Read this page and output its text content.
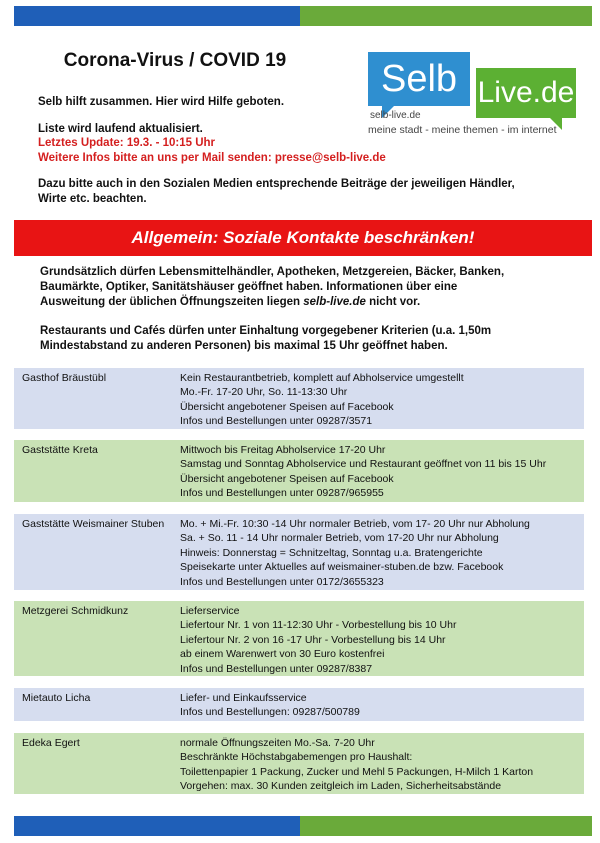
Corona-Virus / COVID 19	Selb Live.de
selb-live.de
meine stadt - meine themen - im internet

Selb hilft zusammen. Hier wird Hilfe geboten.

Liste wird laufend aktualisiert.

Letztes Update: 19.3. - 10:15 Uhr

Weitere Infos bitte an uns per Mail senden: presse@selb-live.de

Dazu bitte auch in den Sozialen Medien entsprechende Beiträge der jeweiligen Händler,

Wirte etc. beachten.

Allgemein: Soziale Kontakte beschränken!

Grundsätzlich dürfen Lebensmittelhändler, Apotheken, Metzgereien, Bäcker, Banken,

Baumärkte, Optiker, Sanitätshäuser geöffnet haben. Informationen über eine

Ausweitung der üblichen Öffnungszeiten liegen selb-live.de nicht vor.

Restaurants und Cafés dürfen unter Einhaltung vorgegebener Kriterien (u.a. 1,50m

Mindestabstand zu anderen Personen) bis maximal 15 Uhr geöffnet haben.

Gasthof Bräustübl	Kein Restaurantbetrieb, komplett auf Abholservice umgestellt
Mo.-Fr. 17-20 Uhr, So. 11-13:30 Uhr
Übersicht angebotener Speisen auf Facebook
Infos und Bestellungen unter 09287/3571
Gaststätte Kreta	Mittwoch bis Freitag Abholservice 17-20 Uhr
Samstag und Sonntag Abholservice und Restaurant geöffnet von 11 bis 15 Uhr
Übersicht angebotener Speisen auf Facebook
Infos und Bestellungen unter 09287/965955
Gaststätte Weismainer Stuben	Mo. + Mi.-Fr. 10:30 -14 Uhr normaler Betrieb, vom 17- 20 Uhr nur Abholung
Sa. + So. 11 - 14 Uhr normaler Betrieb, vom 17-20 Uhr nur Abholung
Hinweis: Donnerstag = Schnitzeltag, Sonntag u.a. Bratengerichte
Speisekarte unter Aktuelles auf weismainer-stuben.de bzw. Facebook
Infos und Bestellungen unter 0172/3655323
Metzgerei Schmidkunz	Lieferservice
Liefertour Nr. 1 von 11-12:30 Uhr - Vorbestellung bis 10 Uhr
Liefertour Nr. 2 von 16 -17 Uhr - Vorbestellung bis 14 Uhr
ab einem Warenwert von 30 Euro kostenfrei
Infos und Bestellungen unter 09287/8387
Mietauto Licha	Liefer- und Einkaufsservice
Infos und Bestellungen: 09287/500789
Edeka Egert	normale Öffnungszeiten Mo.-Sa. 7-20 Uhr
Beschränkte Höchstabgabemengen pro Haushalt:
Toilettenpapier 1 Packung, Zucker und Mehl 5 Packungen, H-Milch 1 Karton
Vorgehen: max. 30 Kunden zeitgleich im Laden, Sicherheitsabstände
